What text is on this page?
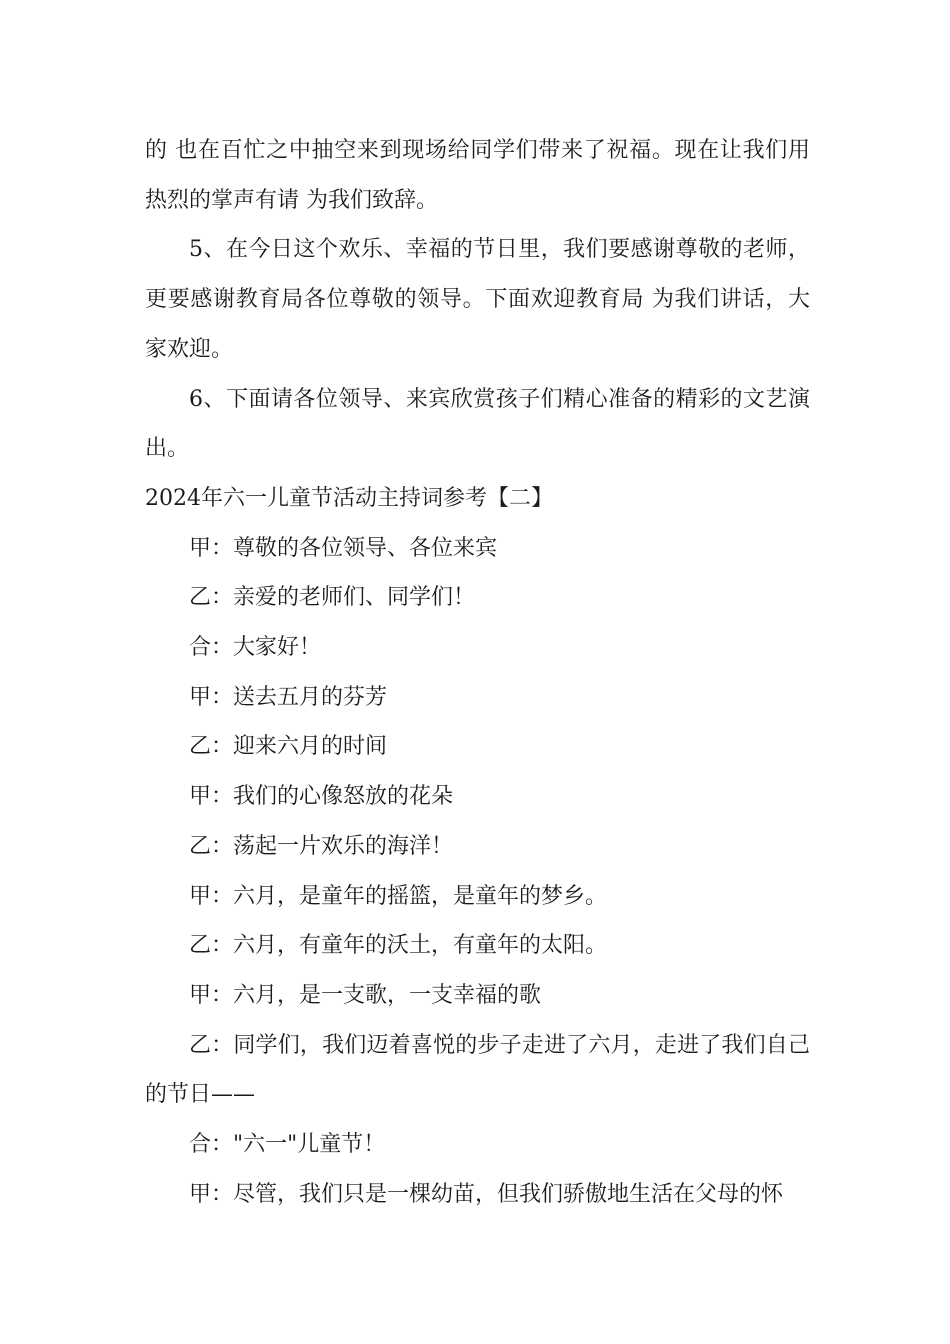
的 也在百忙之中抽空来到现场给同学们带来了祝福。现在让我们用热烈的掌声有请 为我们致辞。

5、在今日这个欢乐、幸福的节日里，我们要感谢尊敬的老师，更要感谢教育局各位尊敬的领导。下面欢迎教育局 为我们讲话，大家欢迎。

6、下面请各位领导、来宾欣赏孩子们精心准备的精彩的文艺演出。

2024年六一儿童节活动主持词参考【二】

甲：尊敬的各位领导、各位来宾

乙：亲爱的老师们、同学们！

合：大家好！

甲：送去五月的芬芳

乙：迎来六月的时间

甲：我们的心像怒放的花朵

乙：荡起一片欢乐的海洋！

甲：六月，是童年的摇篮，是童年的梦乡。

乙：六月，有童年的沃土，有童年的太阳。

甲：六月，是一支歌，一支幸福的歌

乙：同学们，我们迈着喜悦的步子走进了六月，走进了我们自己的节日——

合："六一"儿童节！

甲：尽管，我们只是一棵幼苗，但我们骄傲地生活在父母的怀
